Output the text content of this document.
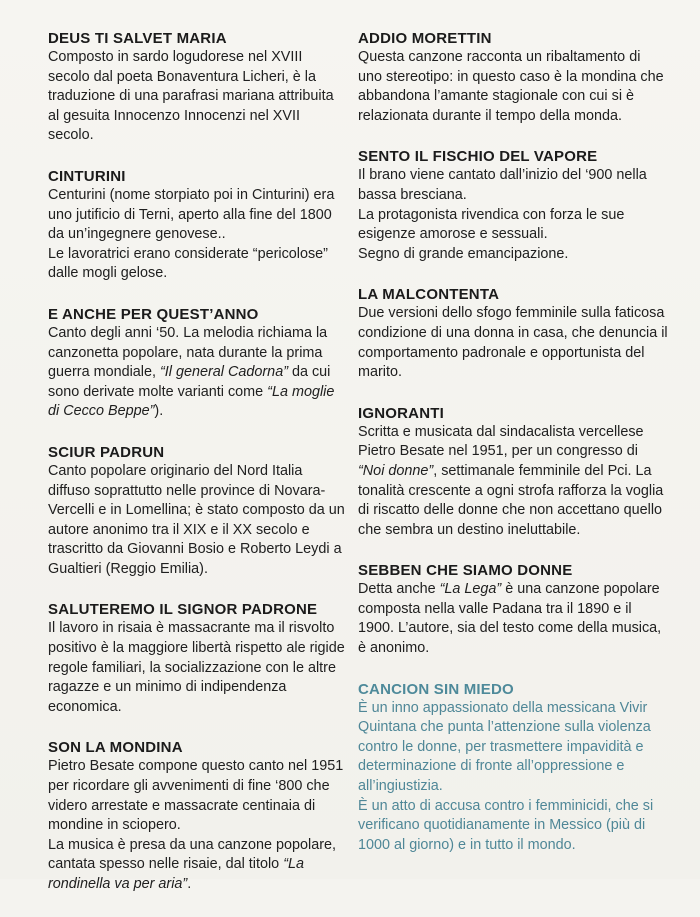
DEUS TI SALVET MARIA

Composto in sardo logudorese nel XVIII secolo dal poeta Bonaventura Licheri, è la traduzione di una parafrasi mariana attribuita al gesuita Innocenzo Innocenzi nel XVII secolo.

CINTURINI

Centurini (nome storpiato poi in Cinturini) era uno jutificio di Terni, aperto alla fine del 1800 da un’ingegnere genovese..

Le lavoratrici erano considerate “pericolose” dalle mogli gelose.

E ANCHE PER QUEST’ANNO

Canto degli anni ‘50. La melodia richiama la canzonetta popolare, nata durante la prima guerra mondiale, “Il general Cadorna” da cui sono derivate molte varianti come “La moglie di Cecco Beppe”).

SCIUR PADRUN

Canto popolare originario del Nord Italia diffuso soprattutto nelle province di Novara-Vercelli e in Lomellina; è stato composto da un autore anonimo tra il XIX e il XX secolo e trascritto da Giovanni Bosio e Roberto Leydi a Gualtieri (Reggio Emilia).

SALUTEREMO IL SIGNOR PADRONE

Il lavoro in risaia è massacrante ma il risvolto positivo è la maggiore libertà rispetto ale rigide regole familiari, la socializzazione con le altre ragazze e un minimo di indipendenza economica.

SON LA MONDINA

Pietro Besate compone questo canto nel 1951 per ricordare gli avvenimenti di fine ‘800 che videro arrestate e massacrate centinaia di mondine in sciopero.

La musica è presa da una canzone popolare, cantata spesso nelle risaie, dal titolo “La rondinella va per aria”.

ADDIO MORETTIN

Questa canzone racconta un ribaltamento di uno stereotipo: in questo caso è la mondina che abbandona l’amante stagionale con cui si è relazionata durante il tempo della monda.

SENTO IL FISCHIO DEL VAPORE

Il brano viene cantato dall’inizio del ‘900 nella bassa bresciana.

La protagonista rivendica con forza le sue esigenze amorose e sessuali.

Segno di grande emancipazione.

LA MALCONTENTA

Due versioni dello sfogo femminile sulla faticosa condizione di una donna in casa, che denuncia il comportamento padronale e opportunista del marito.

IGNORANTI

Scritta e musicata dal sindacalista vercellese Pietro Besate nel 1951, per un congresso di “Noi donne”, settimanale femminile del Pci. La tonalità crescente a ogni strofa rafforza la voglia di riscatto delle donne che non accettano quello che sembra un destino ineluttabile.

SEBBEN CHE SIAMO DONNE

Detta anche “La Lega” è una canzone popolare composta nella valle Padana tra il 1890 e il 1900. L’autore, sia del testo come della musica, è anonimo.

CANCION SIN MIEDO

È un inno appassionato della messicana Vivir Quintana che punta l’attenzione sulla violenza contro le donne, per trasmettere impavidità e determinazione di fronte all’oppressione e all’ingiustizia.

È un atto di accusa contro i femminicidi, che si verificano quotidianamente in Messico (più di 1000 al giorno) e in tutto il mondo.
